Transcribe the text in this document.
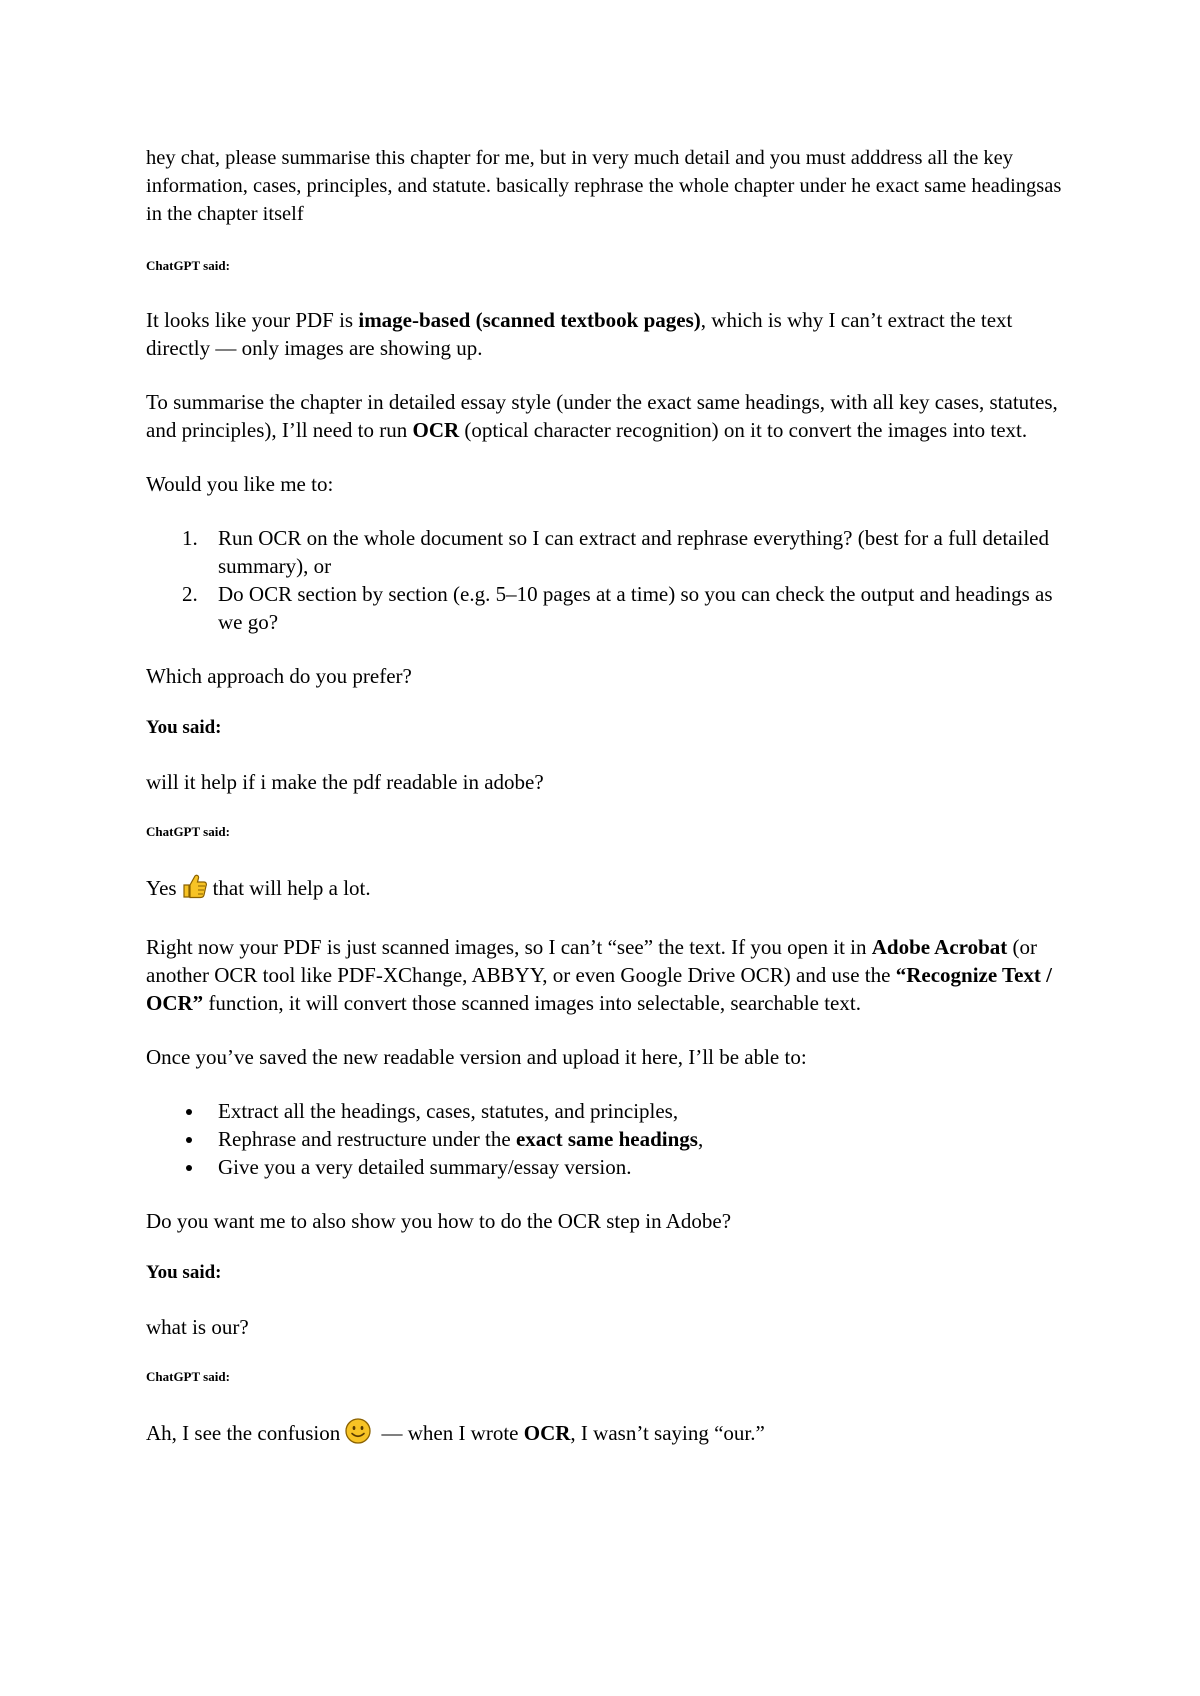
hey chat, please summarise this chapter for me, but in very much detail and you must adddress all the key information, cases, principles, and statute. basically rephrase the whole chapter under he exact same headingsas in the chapter itself

ChatGPT said:

It looks like your PDF is image-based (scanned textbook pages), which is why I can’t extract the text directly — only images are showing up.

To summarise the chapter in detailed essay style (under the exact same headings, with all key cases, statutes, and principles), I’ll need to run OCR (optical character recognition) on it to convert the images into text.

Would you like me to:

1. Run OCR on the whole document so I can extract and rephrase everything? (best for a full detailed summary), or
2. Do OCR section by section (e.g. 5–10 pages at a time) so you can check the output and headings as we go?

Which approach do you prefer?

You said:

will it help if i make the pdf readable in adobe?

ChatGPT said:

Yes that will help a lot.

Right now your PDF is just scanned images, so I can’t “see” the text. If you open it in Adobe Acrobat (or another OCR tool like PDF-XChange, ABBYY, or even Google Drive OCR) and use the “Recognize Text / OCR” function, it will convert those scanned images into selectable, searchable text.

Once you’ve saved the new readable version and upload it here, I’ll be able to:

Extract all the headings, cases, statutes, and principles,
Rephrase and restructure under the exact same headings,
Give you a very detailed summary/essay version.

Do you want me to also show you how to do the OCR step in Adobe?

You said:

what is our?

ChatGPT said:

Ah, I see the confusion — when I wrote OCR, I wasn’t saying “our.”
